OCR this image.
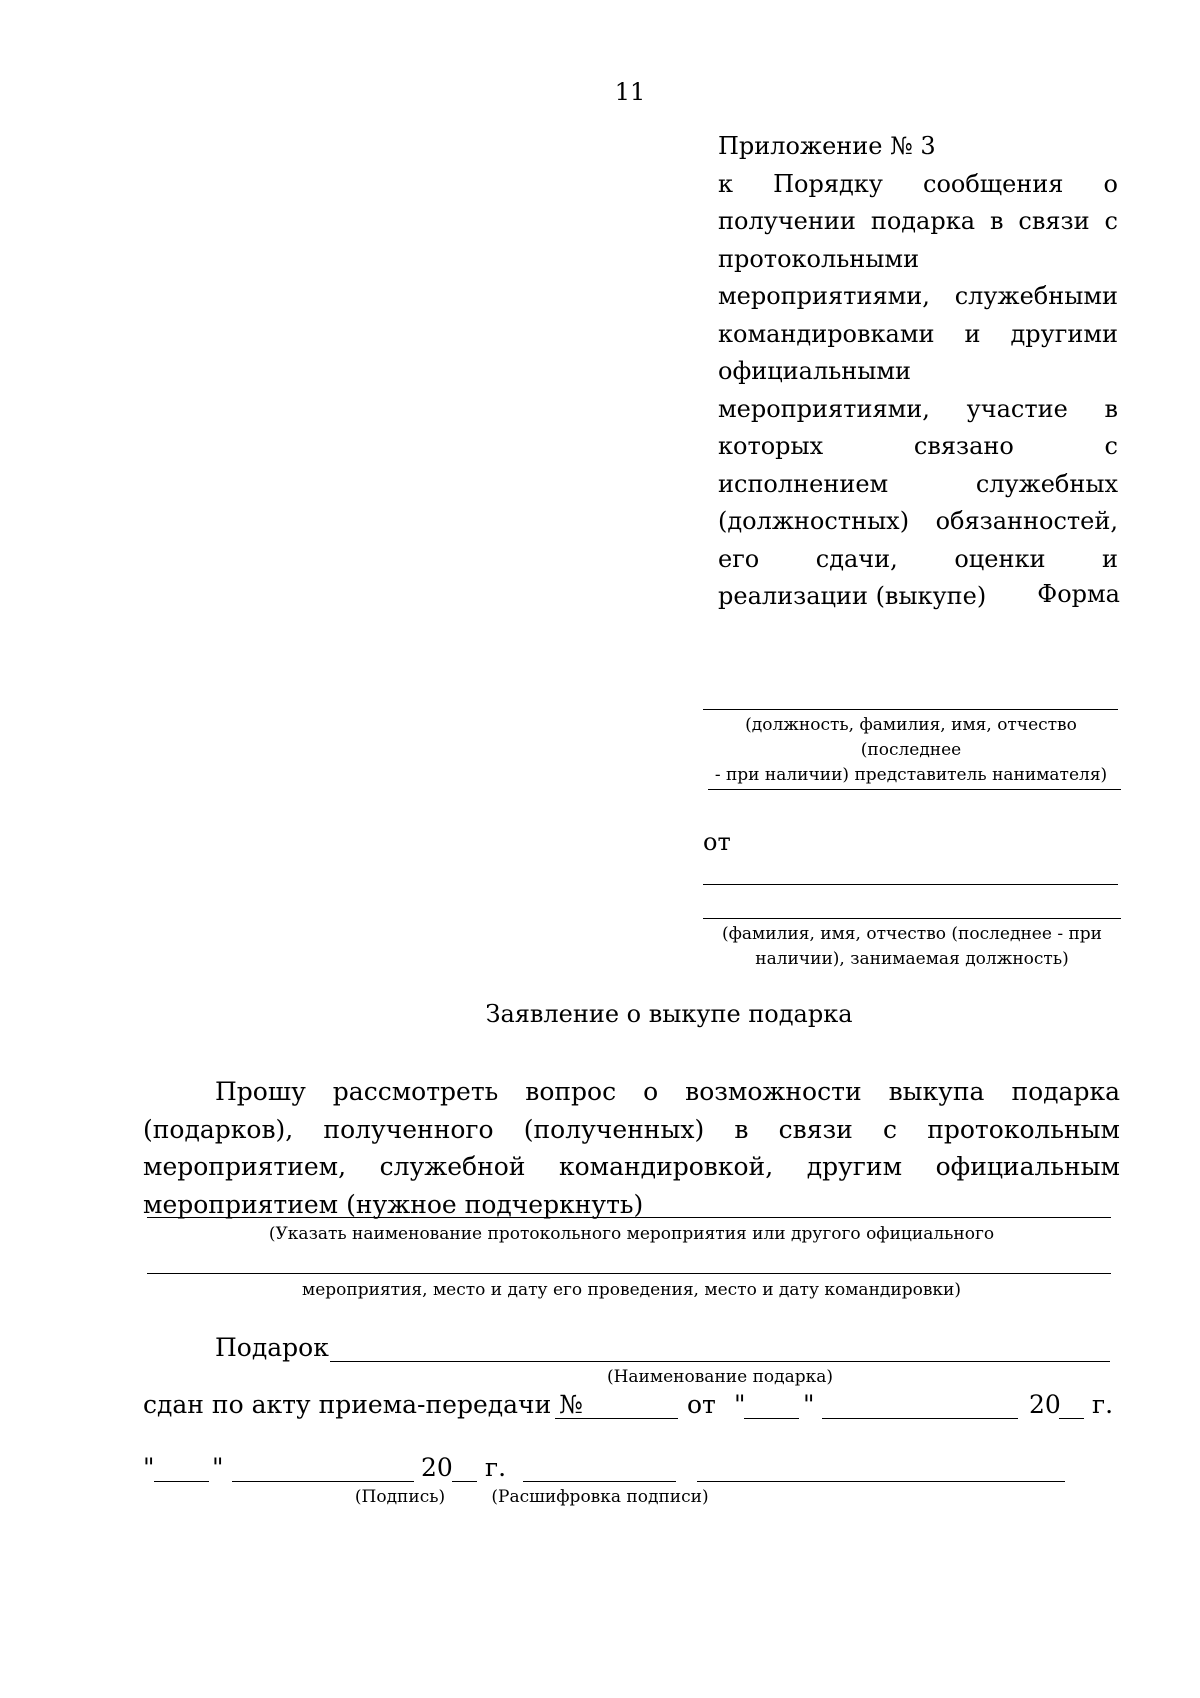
11
Приложение № 3
к Порядку сообщения о получении подарка в связи с протокольными мероприятиями, служебными командировками и другими официальными мероприятиями, участие в которых связано с исполнением служебных (должностных) обязанностей, его сдачи, оценки и реализации (выкупе)	Форма
(должность, фамилия, имя, отчество (последнее
- при наличии) представитель нанимателя)
от
(фамилия, имя, отчество (последнее - при
наличии), занимаемая должность)
Заявление о выкупе подарка
Прошу рассмотреть вопрос о возможности выкупа подарка (подарков), полученного (полученных) в связи с протокольным мероприятием, служебной командировкой, другим официальным мероприятием (нужное подчеркнуть)
(Указать наименование протокольного мероприятия или другого официального
мероприятия, место и дату его проведения, место и дату командировки)
Подарок
(Наименование подарка)
сдан по акту приема-передачи №	от " "	20 г.
" "	20 г.
(Подпись)	(Расшифровка подписи)
